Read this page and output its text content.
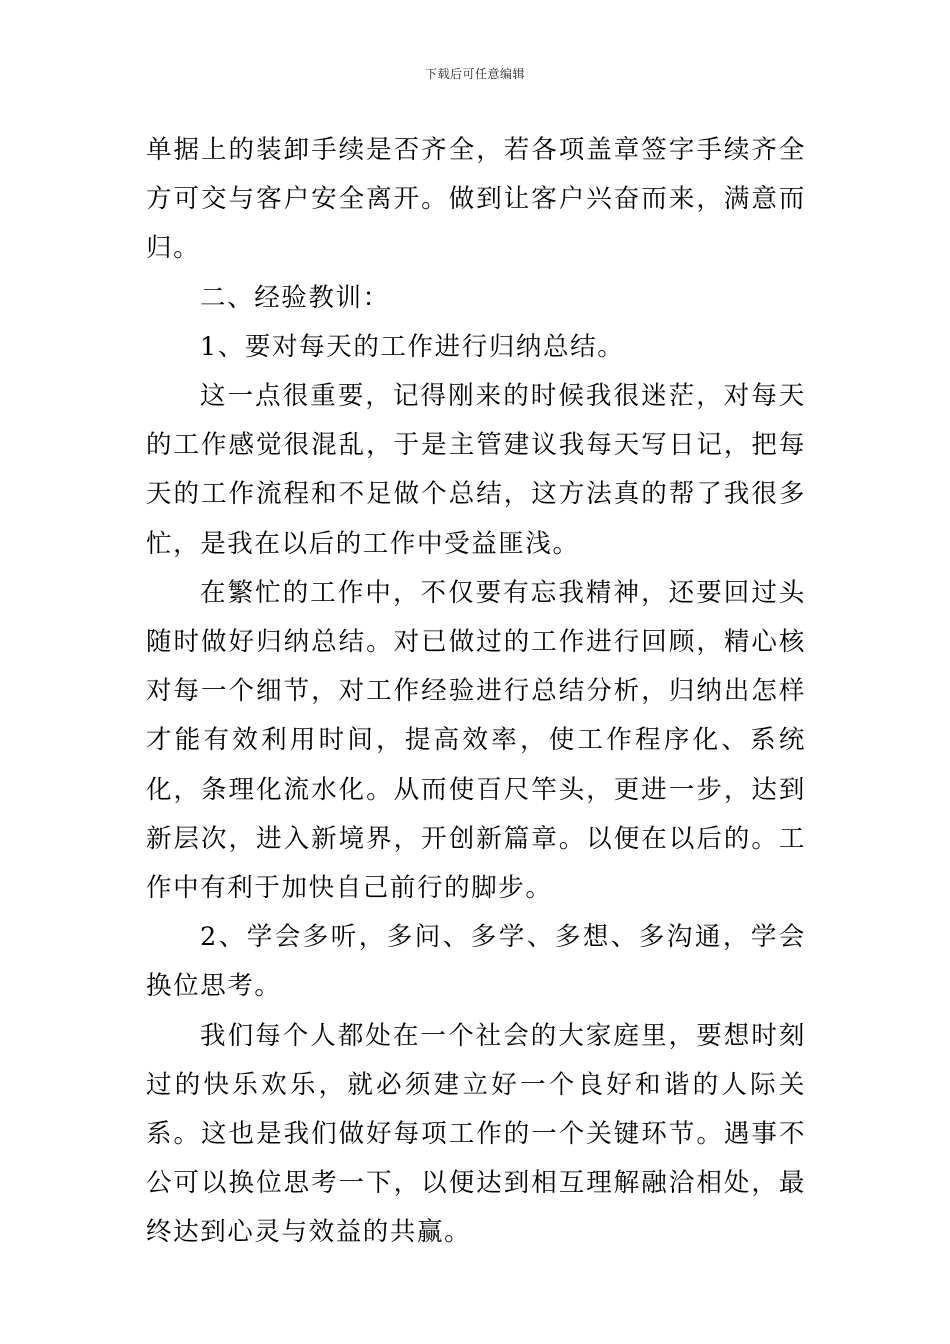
下载后可任意编辑

单据上的装卸手续是否齐全，若各项盖章签字手续齐全方可交与客户安全离开。做到让客户兴奋而来，满意而归。

二、经验教训：

1、要对每天的工作进行归纳总结。

这一点很重要，记得刚来的时候我很迷茫，对每天的工作感觉很混乱，于是主管建议我每天写日记，把每天的工作流程和不足做个总结，这方法真的帮了我很多忙，是我在以后的工作中受益匪浅。

在繁忙的工作中，不仅要有忘我精神，还要回过头随时做好归纳总结。对已做过的工作进行回顾，精心核对每一个细节，对工作经验进行总结分析，归纳出怎样才能有效利用时间，提高效率，使工作程序化、系统化，条理化流水化。从而使百尺竿头，更进一步，达到新层次，进入新境界，开创新篇章。以便在以后的。工作中有利于加快自己前行的脚步。

2、学会多听，多问、多学、多想、多沟通，学会换位思考。

我们每个人都处在一个社会的大家庭里，要想时刻过的快乐欢乐，就必须建立好一个良好和谐的人际关系。这也是我们做好每项工作的一个关键环节。遇事不公可以换位思考一下，以便达到相互理解融洽相处，最终达到心灵与效益的共赢。
